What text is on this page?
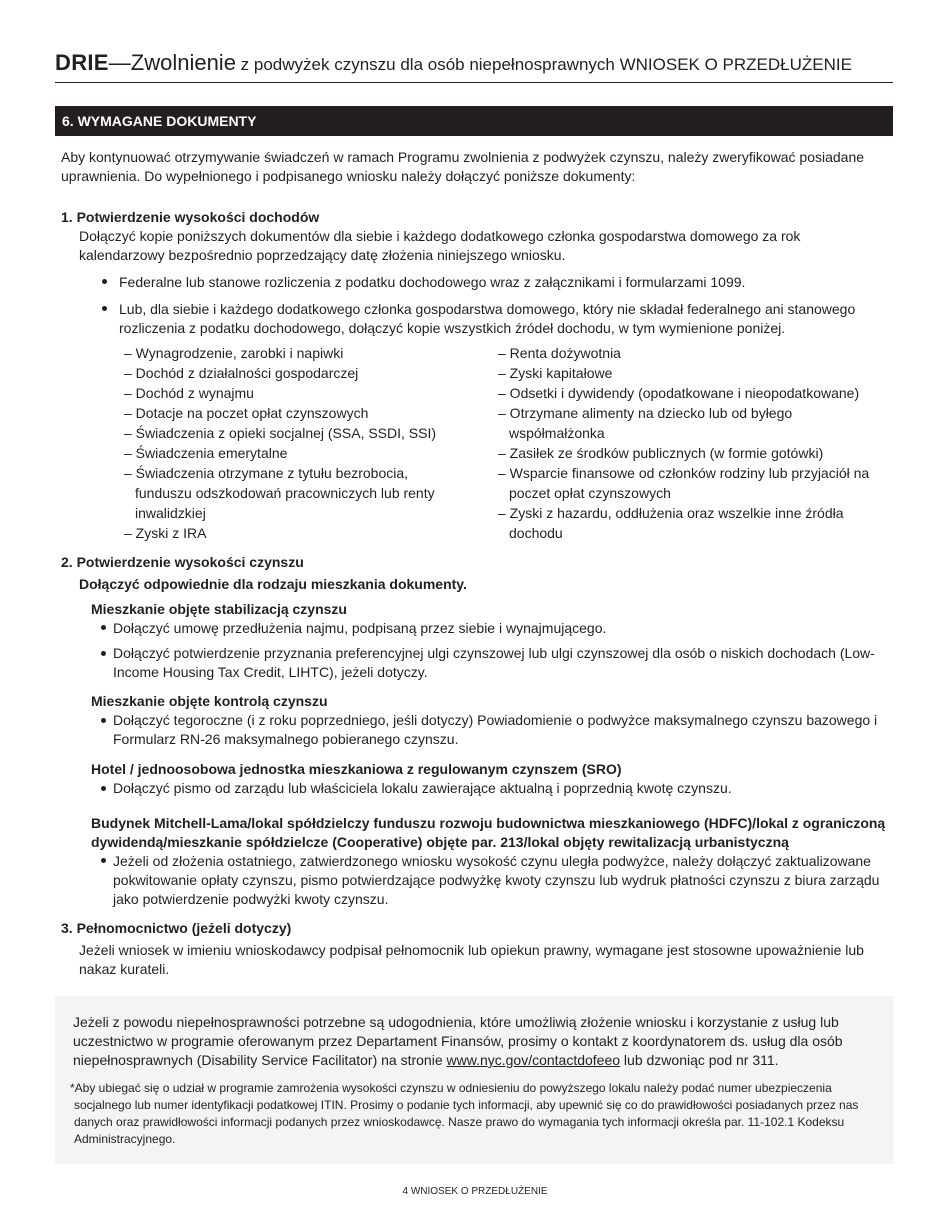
DRIE—Zwolnienie z podwyżek czynszu dla osób niepełnosprawnych WNIOSEK O PRZEDŁUŻENIE
6. WYMAGANE DOKUMENTY
Aby kontynuować otrzymywanie świadczeń w ramach Programu zwolnienia z podwyżek czynszu, należy zweryfikować posiadane uprawnienia. Do wypełnionego i podpisanego wniosku należy dołączyć poniższe dokumenty:
1. Potwierdzenie wysokości dochodów
Dołączyć kopie poniższych dokumentów dla siebie i każdego dodatkowego członka gospodarstwa domowego za rok kalendarzowy bezpośrednio poprzedzający datę złożenia niniejszego wniosku.
Federalne lub stanowe rozliczenia z podatku dochodowego wraz z załącznikami i formularzami 1099.
Lub, dla siebie i każdego dodatkowego członka gospodarstwa domowego, który nie składał federalnego ani stanowego rozliczenia z podatku dochodowego, dołączyć kopie wszystkich źródeł dochodu, w tym wymienione poniżej.
– Wynagrodzenie, zarobki i napiwki
– Dochód z działalności gospodarczej
– Dochód z wynajmu
– Dotacje na poczet opłat czynszowych
– Świadczenia z opieki socjalnej (SSA, SSDI, SSI)
– Świadczenia emerytalne
– Świadczenia otrzymane z tytułu bezrobocia, funduszu odszkodowań pracowniczych lub renty inwalidzkiej
– Zyski z IRA
– Renta dożywotnia
– Zyski kapitałowe
– Odsetki i dywidendy (opodatkowane i nieopodatkowane)
– Otrzymane alimenty na dziecko lub od byłego współmałżonka
– Zasiłek ze środków publicznych (w formie gotówki)
– Wsparcie finansowe od członków rodziny lub przyjaciół na poczet opłat czynszowych
– Zyski z hazardu, oddłużenia oraz wszelkie inne źródła dochodu
2. Potwierdzenie wysokości czynszu
Dołączyć odpowiednie dla rodzaju mieszkania dokumenty.
Mieszkanie objęte stabilizacją czynszu
Dołączyć umowę przedłużenia najmu, podpisaną przez siebie i wynajmującego.
Dołączyć potwierdzenie przyznania preferencyjnej ulgi czynszowej lub ulgi czynszowej dla osób o niskich dochodach (Low-Income Housing Tax Credit, LIHTC), jeżeli dotyczy.
Mieszkanie objęte kontrolą czynszu
Dołączyć tegoroczne (i z roku poprzedniego, jeśli dotyczy) Powiadomienie o podwyżce maksymalnego czynszu bazowego i Formularz RN-26 maksymalnego pobieranego czynszu.
Hotel / jednoosobowa jednostka mieszkaniowa z regulowanym czynszem (SRO)
Dołączyć pismo od zarządu lub właściciela lokalu zawierające aktualną i poprzednią kwotę czynszu.
Budynek Mitchell-Lama/lokal spółdzielczy funduszu rozwoju budownictwa mieszkaniowego (HDFC)/lokal z ograniczoną dywidendą/mieszkanie spółdzielcze (Cooperative) objęte par. 213/lokal objęty rewitalizacją urbanistyczną
Jeżeli od złożenia ostatniego, zatwierdzonego wniosku wysokość czynu uległa podwyżce, należy dołączyć zaktualizowane pokwitowanie opłaty czynszu, pismo potwierdzające podwyżkę kwoty czynszu lub wydruk płatności czynszu z biura zarządu jako potwierdzenie podwyżki kwoty czynszu.
3. Pełnomocnictwo (jeżeli dotyczy)
Jeżeli wniosek w imieniu wnioskodawcy podpisał pełnomocnik lub opiekun prawny, wymagane jest stosowne upoważnienie lub nakaz kurateli.
Jeżeli z powodu niepełnosprawności potrzebne są udogodnienia, które umożliwią złożenie wniosku i korzystanie z usług lub uczestnictwo w programie oferowanym przez Departament Finansów, prosimy o kontakt z koordynatorem ds. usług dla osób niepełnosprawnych (Disability Service Facilitator) na stronie www.nyc.gov/contactdofeeo lub dzwoniąc pod nr 311.
*Aby ubiegać się o udział w programie zamrożenia wysokości czynszu w odniesieniu do powyższego lokalu należy podać numer ubezpieczenia socjalnego lub numer identyfikacji podatkowej ITIN. Prosimy o podanie tych informacji, aby upewnić się co do prawidłowości posiadanych przez nas danych oraz prawidłowości informacji podanych przez wnioskodawcę. Nasze prawo do wymagania tych informacji określa par. 11-102.1 Kodeksu Administracyjnego.
4 WNIOSEK O PRZEDŁUŻENIE
